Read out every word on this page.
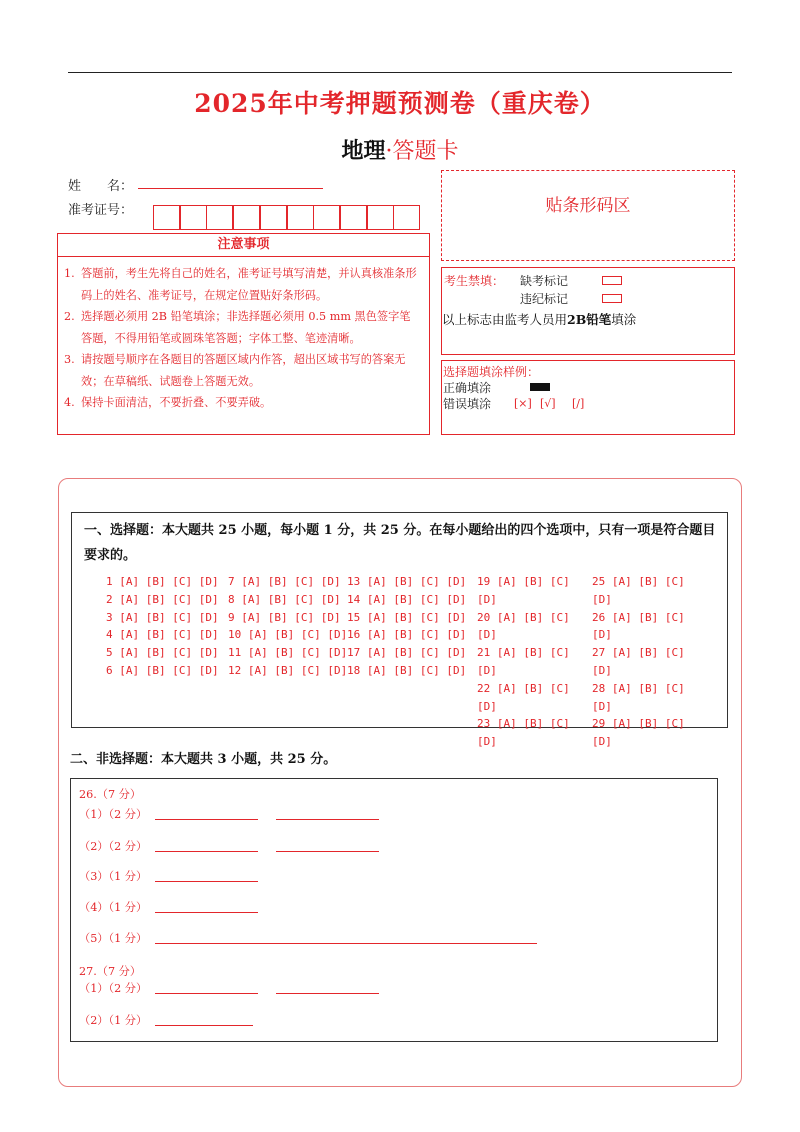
2025年中考押题预测卷（重庆卷）
地理·答题卡
姓　　名：
准考证号：	贴条形码区
注意事项
1. 答题前，考生先将自己的姓名，准考证号填写清楚，并认真核准条形码上的姓名、准考证号，在规定位置贴好条形码。
2. 选择题必须用 2B 铅笔填涂；非选择题必须用 0.5 mm 黑色签字笔答题，不得用铅笔或圆珠笔答题；字体工整、笔迹清晰。
3. 请按题号顺序在各题目的答题区域内作答，超出区域书写的答案无效；在草稿纸、试题卷上答题无效。
4. 保持卡面清洁，不要折叠、不要弄破。
考生禁填： 缺考标记
违纪标记
以上标志由监考人员用2B铅笔填涂
选择题填涂样例：
正确填涂
错误填涂 [×] [√] [/]
一、选择题：本大题共 25 小题，每小题 1 分，共 25 分。在每小题给出的四个选项中，只有一项是符合题目要求的。
1 [A] [B] [C] [D]
2 [A] [B] [C] [D]
3 [A] [B] [C] [D]
4 [A] [B] [C] [D]
5 [A] [B] [C] [D]
6 [A] [B] [C] [D]
7 [A] [B] [C] [D]
8 [A] [B] [C] [D]
9 [A] [B] [C] [D]
10 [A] [B] [C] [D]
11 [A] [B] [C] [D]
12 [A] [B] [C] [D]
13 [A] [B] [C] [D]
14 [A] [B] [C] [D]
15 [A] [B] [C] [D]
16 [A] [B] [C] [D]
17 [A] [B] [C] [D]
18 [A] [B] [C] [D]
19 [A] [B] [C]
[D]
20 [A] [B] [C]
[D]
21 [A] [B] [C]
[D]
22 [A] [B] [C]
[D]
23 [A] [B] [C]
[D]
25 [A] [B] [C]
[D]
26 [A] [B] [C]
[D]
27 [A] [B] [C]
[D]
28 [A] [B] [C]
[D]
29 [A] [B] [C]
[D]
二、非选择题：本大题共 3 小题，共 25 分。
26.（7 分）
（1）（2 分）
（2）（2 分）
（3）（1 分）
（4）（1 分）
（5）（1 分）
27.（7 分）
（1）（2 分）
（2）（1 分）
